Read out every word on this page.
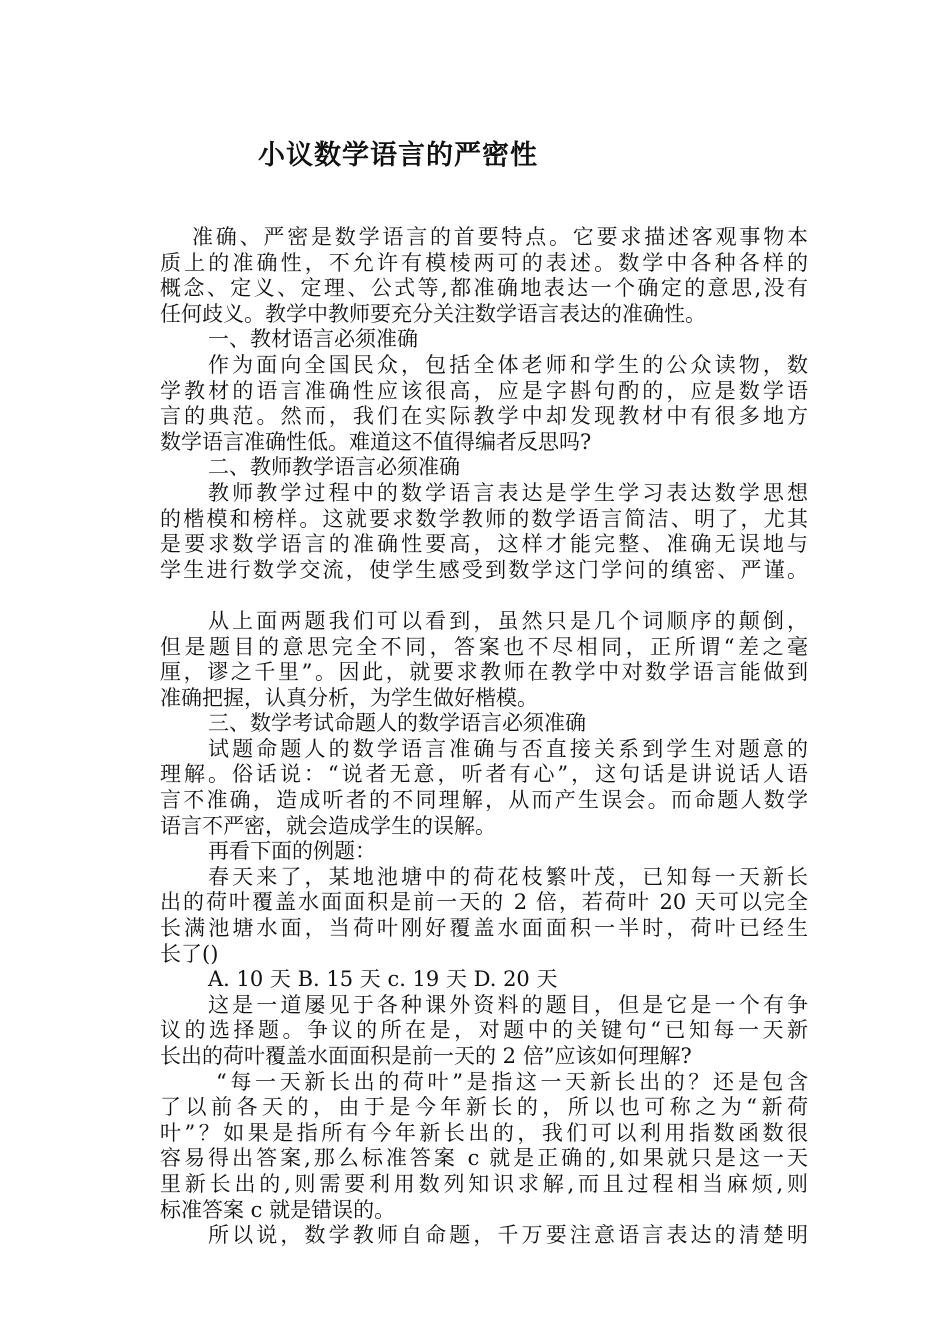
小议数学语言的严密性
准确、严密是数学语言的首要特点。它要求描述客观事物本
质上的准确性，不允许有模棱两可的表述。数学中各种各样的
概念、定义、定理、公式等,都准确地表达一个确定的意思,没有
任何歧义。教学中教师要充分关注数学语言表达的准确性。
一、教材语言必须准确
作为面向全国民众，包括全体老师和学生的公众读物，数
学教材的语言准确性应该很高，应是字斟句酌的，应是数学语
言的典范。然而，我们在实际教学中却发现教材中有很多地方
数学语言准确性低。难道这不值得编者反思吗?
二、教师教学语言必须准确
教师教学过程中的数学语言表达是学生学习表达数学思想
的楷模和榜样。这就要求数学教师的数学语言简洁、明了，尤其
是要求数学语言的准确性要高，这样才能完整、准确无误地与
学生进行数学交流，使学生感受到数学这门学问的缜密、严谨。
从上面两题我们可以看到，虽然只是几个词顺序的颠倒，
但是题目的意思完全不同，答案也不尽相同，正所谓“差之毫
厘，谬之千里”。因此，就要求教师在教学中对数学语言能做到
准确把握，认真分析，为学生做好楷模。
三、数学考试命题人的数学语言必须准确
试题命题人的数学语言准确与否直接关系到学生对题意的
理解。俗话说：“说者无意，听者有心”，这句话是讲说话人语
言不准确，造成听者的不同理解，从而产生误会。而命题人数学
语言不严密，就会造成学生的误解。
再看下面的例题：
春天来了，某地池塘中的荷花枝繁叶茂，已知每一天新长
出的荷叶覆盖水面面积是前一天的 2 倍，若荷叶 20 天可以完全
长满池塘水面，当荷叶刚好覆盖水面面积一半时，荷叶已经生
长了()
A. 10 天 B. 15 天 c. 19 天 D. 20 天
这是一道屡见于各种课外资料的题目，但是它是一个有争
议的选择题。争议的所在是，对题中的关键句“已知每一天新
长出的荷叶覆盖水面面积是前一天的 2 倍”应该如何理解?
“每一天新长出的荷叶”是指这一天新长出的？还是包含
了以前各天的，由于是今年新长的，所以也可称之为“新荷
叶”？如果是指所有今年新长出的，我们可以利用指数函数很
容易得出答案,那么标准答案 c 就是正确的,如果就只是这一天
里新长出的,则需要利用数列知识求解,而且过程相当麻烦,则
标准答案 c 就是错误的。
所以说，数学教师自命题，千万要注意语言表达的清楚明
